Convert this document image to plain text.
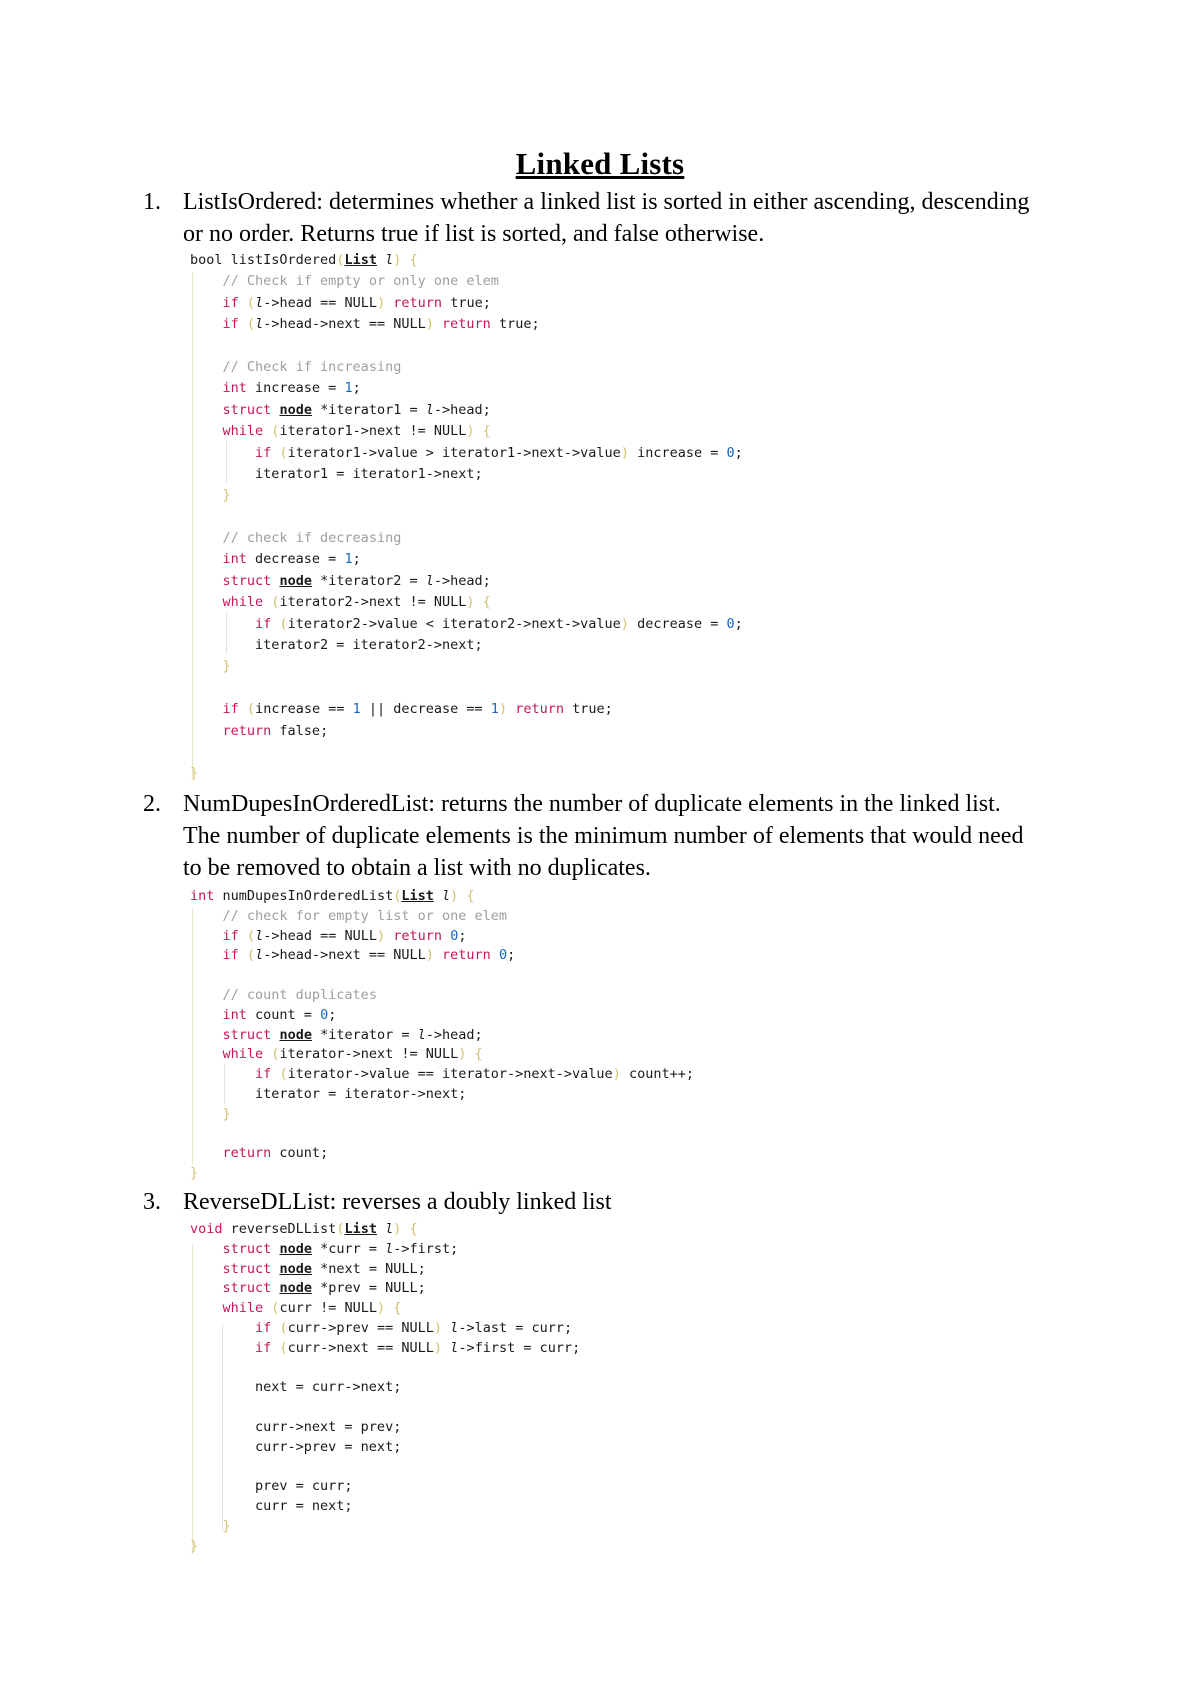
Linked Lists
1. ListIsOrdered: determines whether a linked list is sorted in either ascending, descending or no order. Returns true if list is sorted, and false otherwise.
bool listIsOrdered(List l) {
// Check if empty or only one elem
if (l->head == NULL) return true;
if (l->head->next == NULL) return true;

// Check if increasing
int increase = 1;
struct node *iterator1 = l->head;
while (iterator1->next != NULL) {
if (iterator1->value > iterator1->next->value) increase = 0;
iterator1 = iterator1->next;
}

// check if decreasing
int decrease = 1;
struct node *iterator2 = l->head;
while (iterator2->next != NULL) {
if (iterator2->value < iterator2->next->value) decrease = 0;
iterator2 = iterator2->next;
}

if (increase == 1 || decrease == 1) return true;
return false;

}
2. NumDupesInOrderedList: returns the number of duplicate elements in the linked list. The number of duplicate elements is the minimum number of elements that would need to be removed to obtain a list with no duplicates.
int numDupesInOrderedList(List l) {
// check for empty list or one elem
if (l->head == NULL) return 0;
if (l->head->next == NULL) return 0;

// count duplicates
int count = 0;
struct node *iterator = l->head;
while (iterator->next != NULL) {
if (iterator->value == iterator->next->value) count++;
iterator = iterator->next;
}

return count;
}
3. ReverseDLList: reverses a doubly linked list
void reverseDLList(List l) {
struct node *curr = l->first;
struct node *next = NULL;
struct node *prev = NULL;
while (curr != NULL) {
if (curr->prev == NULL) l->last = curr;
if (curr->next == NULL) l->first = curr;

next = curr->next;

curr->next = prev;
curr->prev = next;

prev = curr;
curr = next;
}
}
